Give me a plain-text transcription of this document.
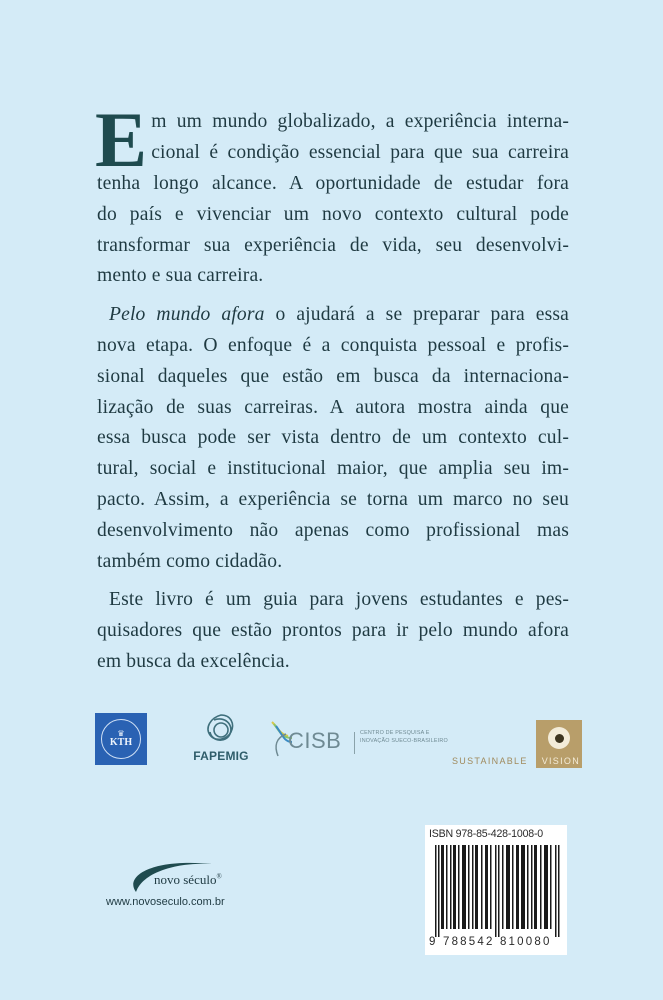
E m um mundo globalizado, a experiência interna-
cional é condição essencial para que sua carreira
tenha longo alcance. A oportunidade de estudar fora
do país e vivenciar um novo contexto cultural pode
transformar sua experiência de vida, seu desenvolvi-
mento e sua carreira.

Pelo mundo afora o ajudará a se preparar para essa
nova etapa. O enfoque é a conquista pessoal e profis-
sional daqueles que estão em busca da internaciona-
lização de suas carreiras. A autora mostra ainda que
essa busca pode ser vista dentro de um contexto cul-
tural, social e institucional maior, que amplia seu im-
pacto. Assim, a experiência se torna um marco no seu
desenvolvimento não apenas como profissional mas
também como cidadão.

Este livro é um guia para jovens estudantes e pes-
quisadores que estão prontos para ir pelo mundo afora
em busca da excelência.

♛
KTH
FAPEMIG
CISB	CENTRO DE PESQUISA E INOVAÇÃO SUECO-BRASILEIRO
SUSTAINABLE VISION
novo século®
www.novoseculo.com.br
ISBN 978-85-428-1008-0
9 788542 810080
